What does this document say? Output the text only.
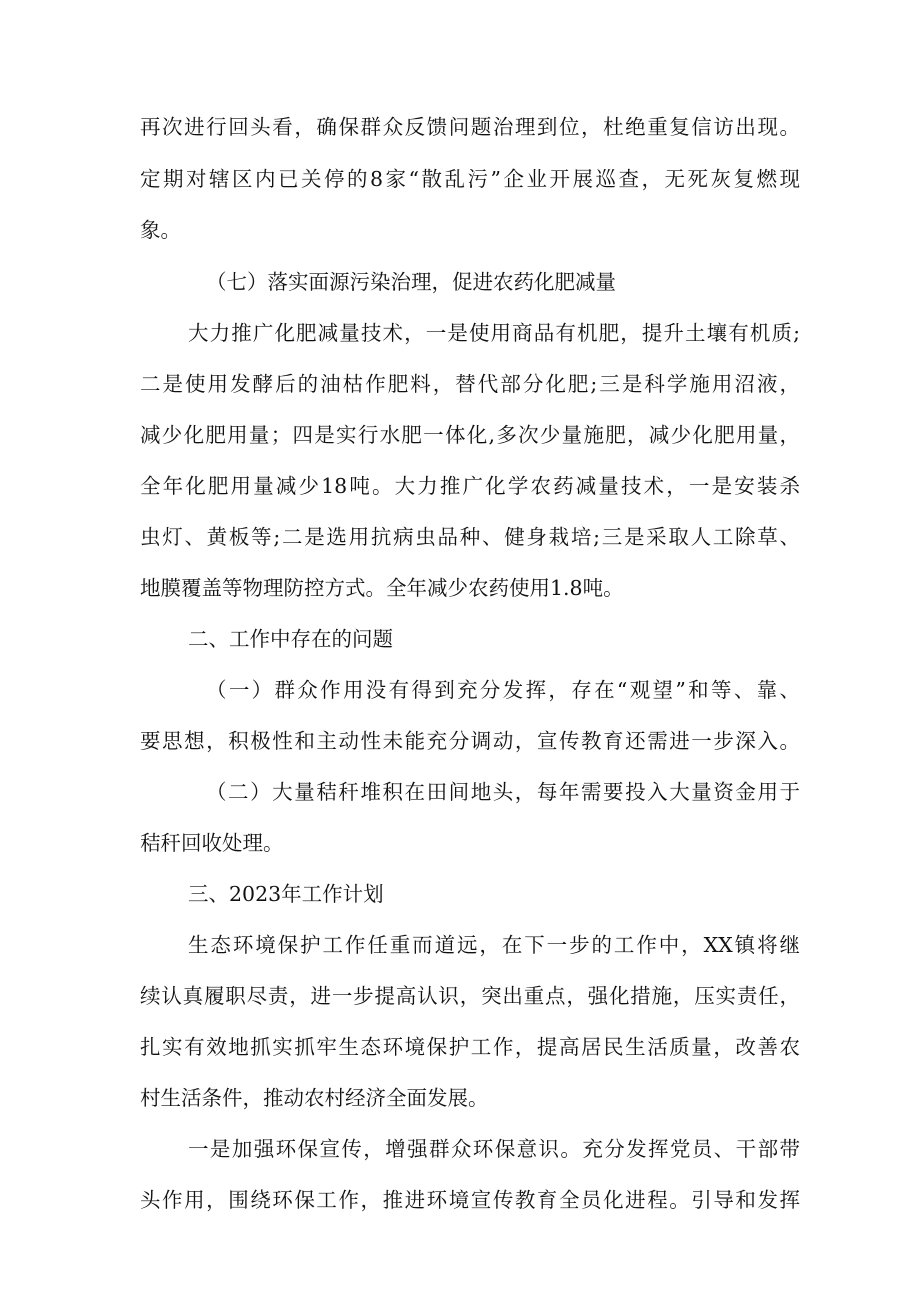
再次进行回头看，确保群众反馈问题治理到位，杜绝重复信访出现。
定期对辖区内已关停的8家“散乱污”企业开展巡查，无死灰复燃现
象。
（七）落实面源污染治理，促进农药化肥减量
大力推广化肥减量技术，一是使用商品有机肥，提升土壤有机质;
二是使用发酵后的油枯作肥料，替代部分化肥;三是科学施用沼液，
减少化肥用量；四是实行水肥一体化,多次少量施肥，减少化肥用量，
全年化肥用量减少18吨。大力推广化学农药减量技术，一是安装杀
虫灯、黄板等;二是选用抗病虫品种、健身栽培;三是采取人工除草、
地膜覆盖等物理防控方式。全年减少农药使用1.8吨。
二、工作中存在的问题
（一）群众作用没有得到充分发挥，存在“观望”和等、靠、
要思想，积极性和主动性未能充分调动，宣传教育还需进一步深入。
（二）大量秸秆堆积在田间地头，每年需要投入大量资金用于
秸秆回收处理。
三、2023年工作计划
生态环境保护工作任重而道远，在下一步的工作中，XX镇将继
续认真履职尽责，进一步提高认识，突出重点，强化措施，压实责任，
扎实有效地抓实抓牢生态环境保护工作，提高居民生活质量，改善农
村生活条件，推动农村经济全面发展。
一是加强环保宣传，增强群众环保意识。充分发挥党员、干部带
头作用，围绕环保工作，推进环境宣传教育全员化进程。引导和发挥
